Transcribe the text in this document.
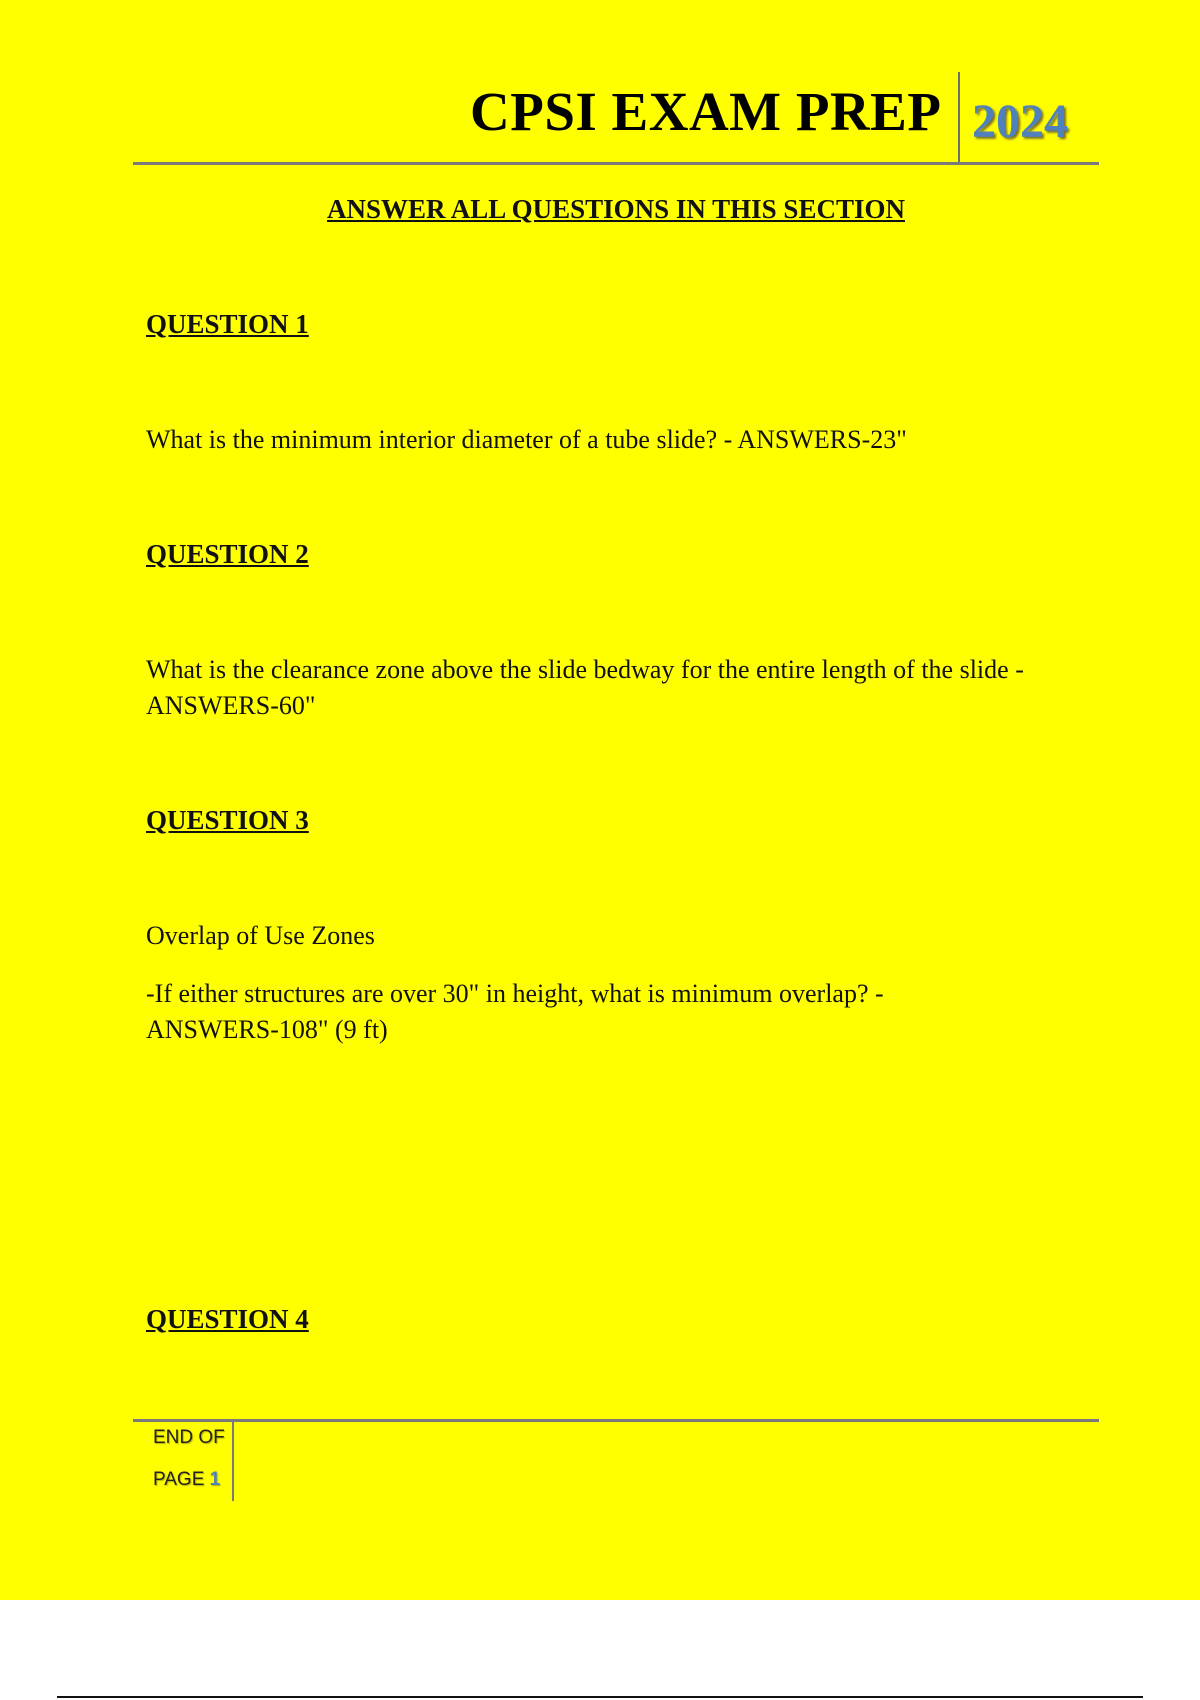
CPSI EXAM PREP 2024
ANSWER ALL QUESTIONS IN THIS SECTION
QUESTION 1

What is the minimum interior diameter of a tube slide? - ANSWERS-23"

QUESTION 2

What is the clearance zone above the slide bedway for the entire length of the slide - ANSWERS-60"

QUESTION 3

Overlap of Use Zones

-If either structures are over 30" in height, what is minimum overlap? - ANSWERS-108" (9 ft)

QUESTION 4
END OF
PAGE 1
